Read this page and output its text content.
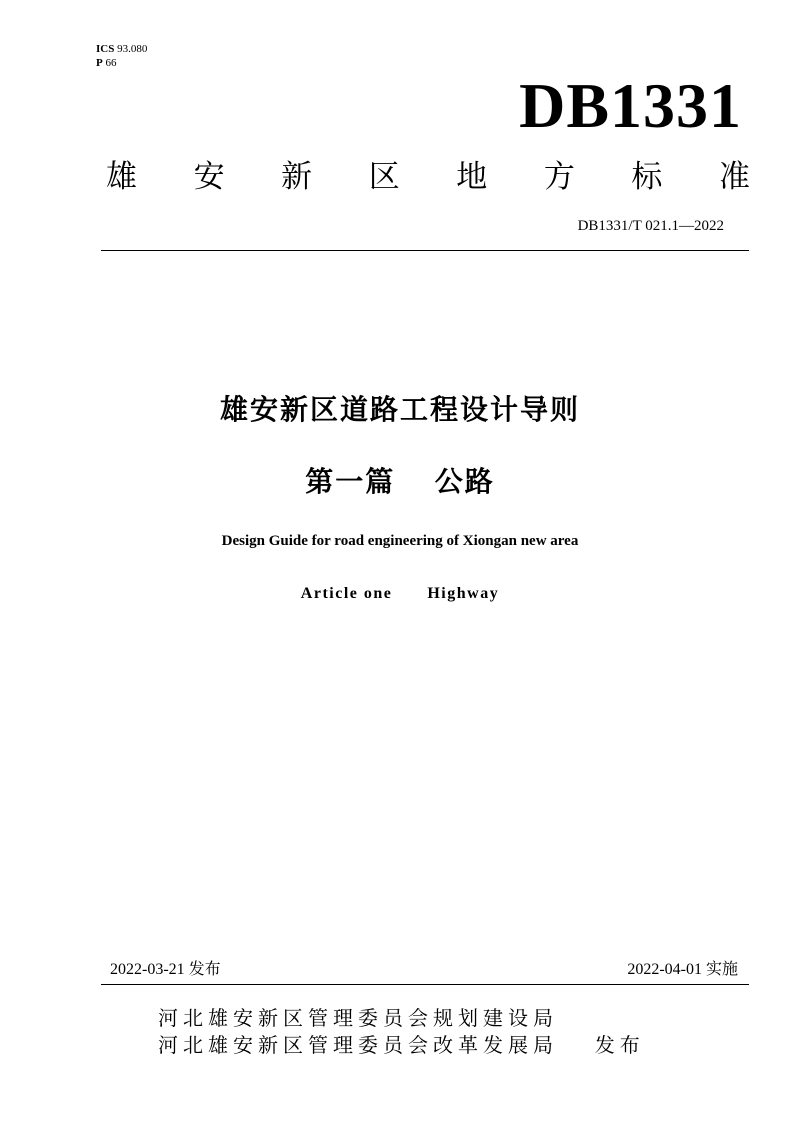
ICS 93.080
P 66
DB1331
雄 安 新 区 地 方 标 准
DB1331/T 021.1—2022
雄安新区道路工程设计导则
第一篇 公路
Design Guide for road engineering of Xiongan new area
Article one Highway
2022-03-21 发布	2022-04-01 实施
河北雄安新区管理委员会规划建设局
河北雄安新区管理委员会改革发展局 发布
